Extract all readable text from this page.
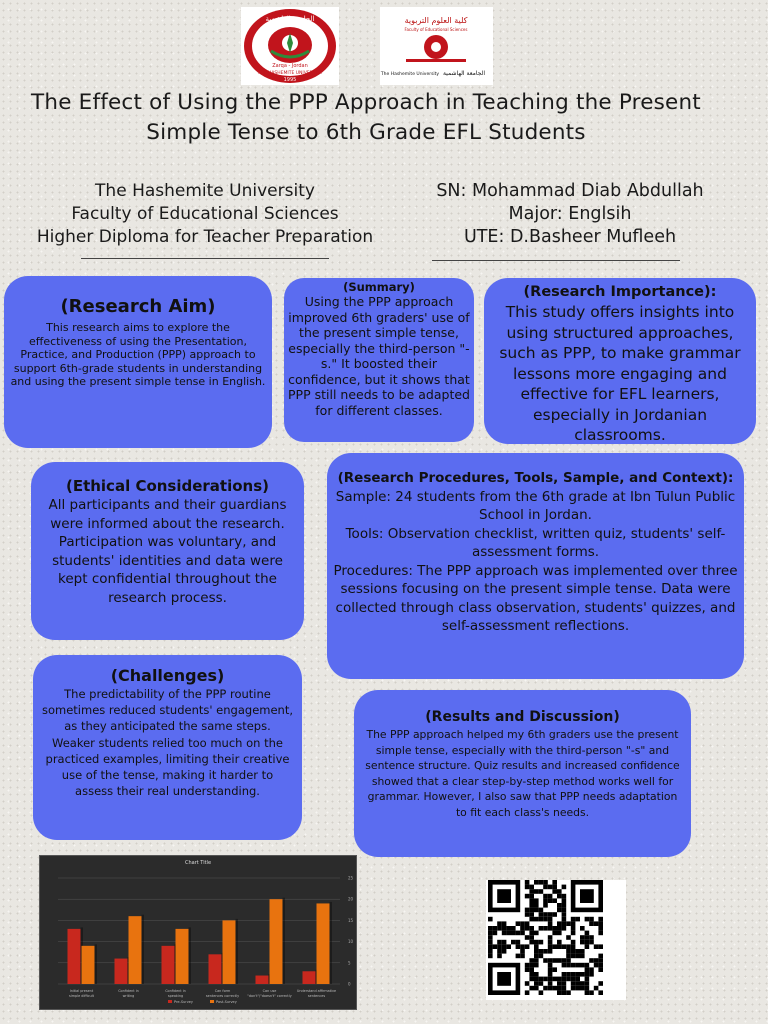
الجامعة الهاشمية
Zarqa - Jordan
THE HASHEMITE UNIVERSITY
1995
كلية العلوم التربوية
Faculty of Educational Sciences
The Hashemite University الجامعة الهاشمية
The Effect of Using the PPP Approach in Teaching the Present Simple Tense to 6th Grade EFL Students
The Hashemite University
Faculty of Educational Sciences
Higher Diploma for Teacher Preparation
SN: Mohammad Diab Abdullah
Major: Englsih
UTE: D.Basheer Mufleeh
(Research Aim)

This research aims to explore the effectiveness of using the Presentation, Practice, and Production (PPP) approach to support 6th-grade students in understanding and using the present simple tense in English.

(Summary)

Using the PPP approach improved 6th graders' use of the present simple tense, especially the third-person "-s." It boosted their confidence, but it shows that PPP still needs to be adapted for different classes.

(Research Importance):

This study offers insights into using structured approaches, such as PPP, to make grammar lessons more engaging and effective for EFL learners, especially in Jordanian classrooms.

(Ethical Considerations)

All participants and their guardians were informed about the research. Participation was voluntary, and students' identities and data were kept confidential throughout the research process.

(Research Procedures, Tools, Sample, and Context):

Sample: 24 students from the 6th grade at Ibn Tulun Public School in Jordan.

Tools: Observation checklist, written quiz, students' self-assessment forms.

Procedures: The PPP approach was implemented over three sessions focusing on the present simple tense. Data were collected through class observation, students' quizzes, and self-assessment reflections.

(Challenges)

The predictability of the PPP routine sometimes reduced students' engagement, as they anticipated the same steps. Weaker students relied too much on the practiced examples, limiting their creative use of the tense, making it harder to assess their real understanding.

(Results and Discussion)

The PPP approach helped my 6th graders use the present simple tense, especially with the third-person "-s" and sentence structure. Quiz results and increased confidence showed that a clear step-by-step method works well for grammar. However, I also saw that PPP needs adaptation to fit each class's needs.

Chart Title
0
5
10
15
20
25
Initial present
simple difficult
Confident in
writing
Confident in
speaking
Can form
sentences correctly
Can use
"don't"/"doesn't" correctly
Understand affirmative
sentences
Pre-Survey	Post-Survey
